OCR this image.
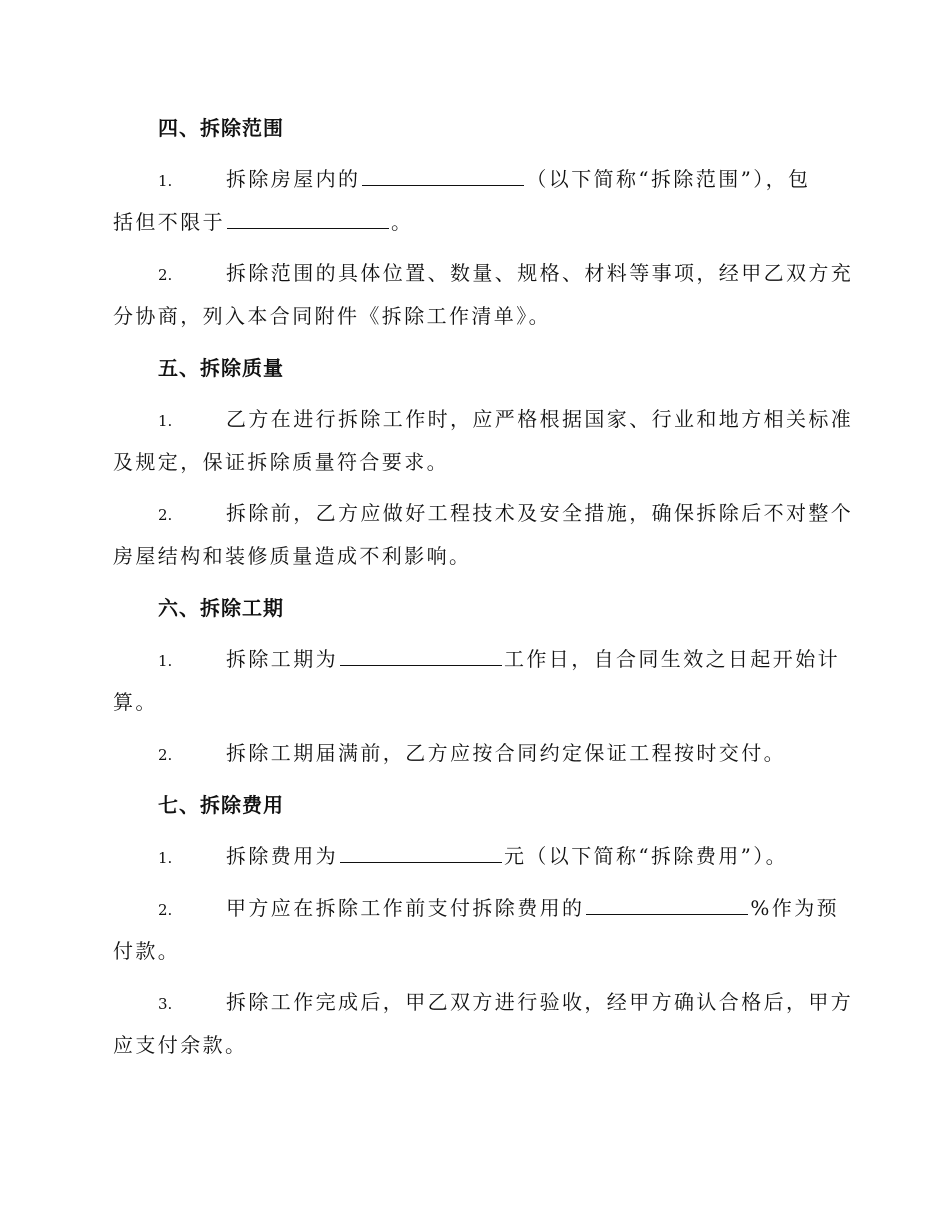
四、拆除范围
1.	拆除房屋内的	（以下简称“拆除范围”），包
括但不限于	。
2.	拆除范围的具体位置、数量、规格、材料等事项，经甲乙双方充
分协商，列入本合同附件《拆除工作清单》。
五、拆除质量
1.	乙方在进行拆除工作时，应严格根据国家、行业和地方相关标准
及规定，保证拆除质量符合要求。
2.	拆除前，乙方应做好工程技术及安全措施，确保拆除后不对整个
房屋结构和装修质量造成不利影响。
六、拆除工期
1.	拆除工期为	工作日，自合同生效之日起开始计
算。
2.	拆除工期届满前，乙方应按合同约定保证工程按时交付。
七、拆除费用
1.	拆除费用为	元（以下简称“拆除费用”）。
2.	甲方应在拆除工作前支付拆除费用的	%作为预
付款。
3.	拆除工作完成后，甲乙双方进行验收，经甲方确认合格后，甲方
应支付余款。
